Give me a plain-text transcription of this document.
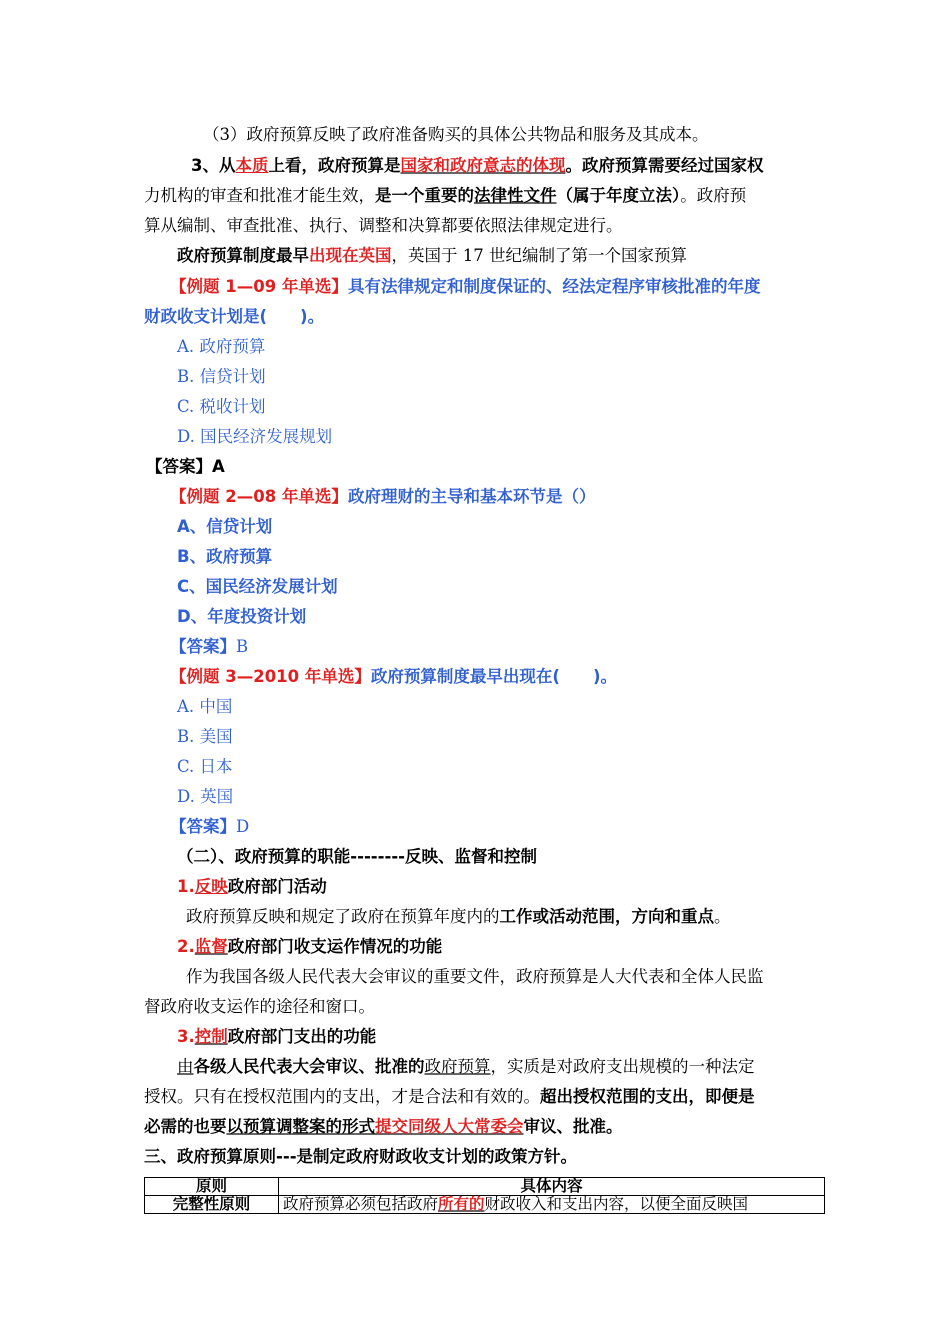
（3）政府预算反映了政府准备购买的具体公共物品和服务及其成本。
3、从本质上看，政府预算是国家和政府意志的体现。政府预算需要经过国家权
力机构的审查和批准才能生效，是一个重要的法律性文件（属于年度立法）。政府预
算从编制、审查批准、执行、调整和决算都要依照法律规定进行。
政府预算制度最早出现在英国，英国于 17 世纪编制了第一个国家预算
【例题 1—09 年单选】具有法律规定和制度保证的、经法定程序审核批准的年度
财政收支计划是(　　)。
A. 政府预算
B. 信贷计划
C. 税收计划
D. 国民经济发展规划
【答案】A
【例题 2—08 年单选】政府理财的主导和基本环节是（）
A、信贷计划
B、政府预算
C、国民经济发展计划
D、年度投资计划
【答案】B
【例题 3—2010 年单选】政府预算制度最早出现在(　　)。
A. 中国
B. 美国
C. 日本
D. 英国
【答案】D
（二）、政府预算的职能--------反映、监督和控制
1.反映政府部门活动
政府预算反映和规定了政府在预算年度内的工作或活动范围，方向和重点。
2.监督政府部门收支运作情况的功能
作为我国各级人民代表大会审议的重要文件，政府预算是人大代表和全体人民监
督政府收支运作的途径和窗口。
3.控制政府部门支出的功能
由各级人民代表大会审议、批准的政府预算，实质是对政府支出规模的一种法定
授权。只有在授权范围内的支出，才是合法和有效的。超出授权范围的支出，即便是
必需的也要以预算调整案的形式提交同级人大常委会审议、批准。
三、政府预算原则---是制定政府财政收支计划的政策方针。
原则	具体内容
完整性原则	政府预算必须包括政府所有的财政收入和支出内容，以便全面反映国
